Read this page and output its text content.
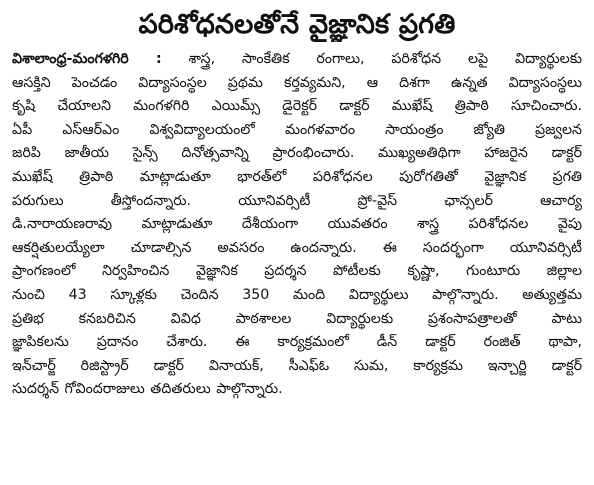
పరిశోధనలతోనే వైజ్ఞానిక ప్రగతి
విశాలాంధ్ర-మంగళగిరి : శాస్త్ర, సాంకేతిక రంగాలు, పరిశోధన లపై విద్యార్థులకు
ఆసక్తిని పెంచడం విద్యాసంస్థల ప్రథమ కర్తవ్యమని, ఆ దిశగా ఉన్నత విద్యాసంస్థలు
కృషి చేయాలని మంగళగిరి ఎయిమ్స్ డైరెక్టర్ డాక్టర్ ముఖేష్ త్రిపాఠి సూచించారు.
ఏపీ ఎస్ఆర్ఎం విశ్వవిద్యాలయంలో మంగళవారం సాయంత్రం జ్యోతి ప్రజ్వలన
జరిపి జాతీయ సైన్స్ దినోత్సవాన్ని ప్రారంభించారు. ముఖ్యఅతిథిగా హాజరైన డాక్టర్
ముఖేష్ త్రిపాఠి మాట్లాడుతూ భారత్‌లో పరిశోధనల పురోగతితో వైజ్ఞానిక ప్రగతి
పరుగులు తీస్తోందన్నారు. యూనివర్సిటీ ప్రో-వైస్ ఛాన్సలర్ ఆచార్య
డి.నారాయణరావు మాట్లాడుతూ దేశీయంగా యువతరం శాస్త్ర పరిశోధనల వైపు
ఆకర్షితులయ్యేలా చూడాల్సిన అవసరం ఉందన్నారు. ఈ సందర్భంగా యూనివర్సిటీ
ప్రాంగణంలో నిర్వహించిన వైజ్ఞానిక ప్రదర్శన పోటీలకు కృష్ణా, గుంటూరు జిల్లాల
నుంచి 43 స్కూళ్లకు చెందిన 350 మంది విద్యార్థులు పాల్గొన్నారు. అత్యుత్తమ
ప్రతిభ కనబరిచిన వివిధ పాఠశాలల విద్యార్థులకు ప్రశంసాపత్రాలతో పాటు
జ్ఞాపికలను ప్రదానం చేశారు. ఈ కార్యక్రమంలో డీన్ డాక్టర్ రంజిత్ థాపా,
ఇన్‌చార్జ్ రిజిస్ట్రార్ డాక్టర్ వినాయక్, సీఎఫ్ఓ సుమ, కార్యక్రమ ఇన్చార్జి డాక్టర్
సుదర్శన్ గోవిందరాజులు తదితరులు పాల్గొన్నారు.
